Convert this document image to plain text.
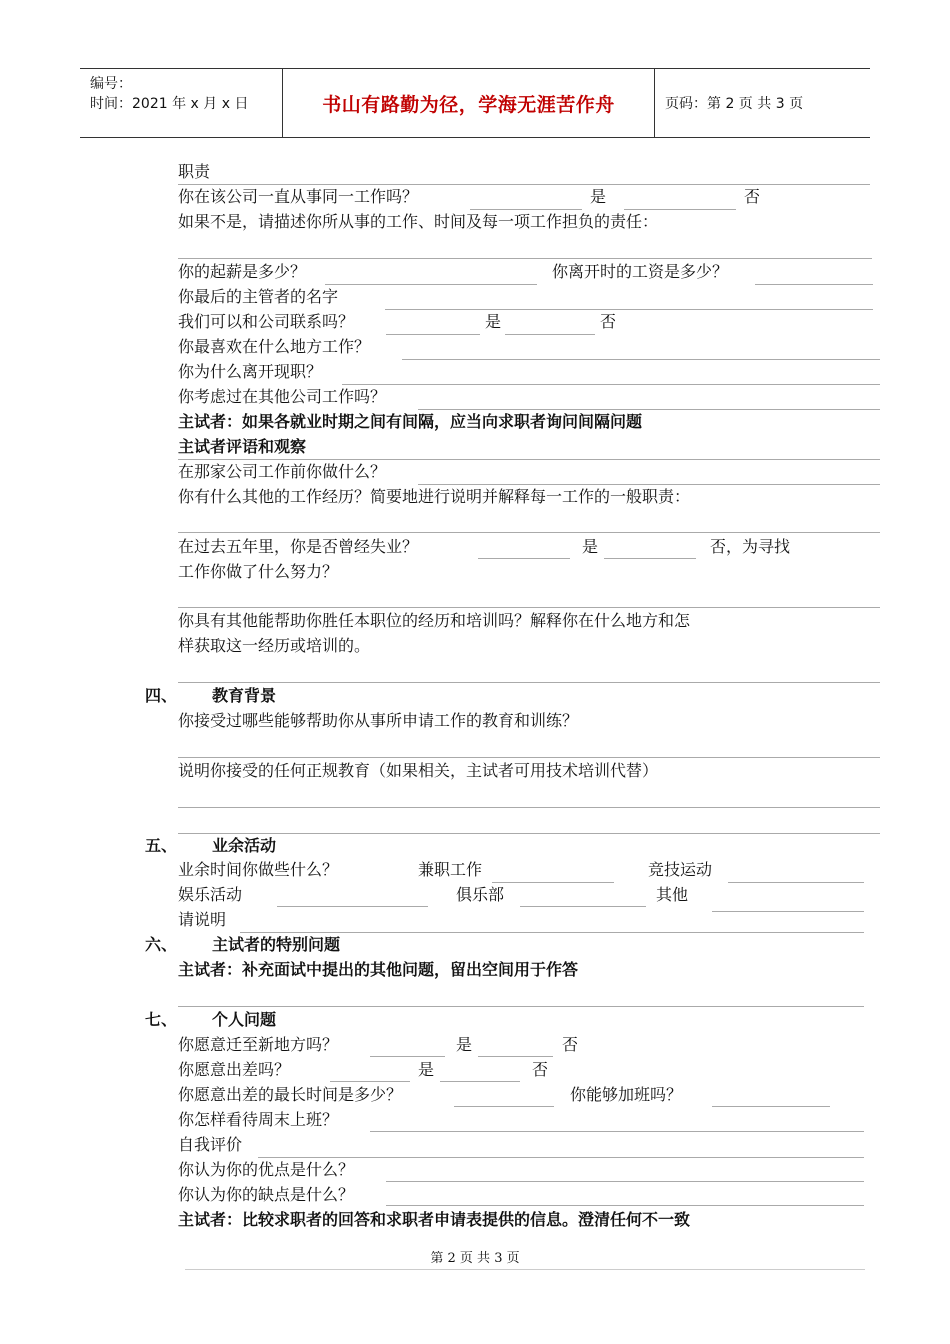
编号：
时间：2021 年 x 月 x 日	书山有路勤为径，学海无涯苦作舟	页码：第 2 页 共 3 页
职责
你在该公司一直从事同一工作吗？	是	否
如果不是，请描述你所从事的工作、时间及每一项工作担负的责任：
你的起薪是多少？	你离开时的工资是多少？
你最后的主管者的名字
我们可以和公司联系吗？	是	否
你最喜欢在什么地方工作？
你为什么离开现职？
你考虑过在其他公司工作吗？
主试者：如果各就业时期之间有间隔，应当向求职者询问间隔问题
主试者评语和观察
在那家公司工作前你做什么？
你有什么其他的工作经历？简要地进行说明并解释每一工作的一般职责：
在过去五年里，你是否曾经失业？	是	否，为寻找
工作你做了什么努力？
你具有其他能帮助你胜任本职位的经历和培训吗？解释你在什么地方和怎
样获取这一经历或培训的。
四、 教育背景
你接受过哪些能够帮助你从事所申请工作的教育和训练？
说明你接受的任何正规教育（如果相关，主试者可用技术培训代替）
五、 业余活动
业余时间你做些什么？	兼职工作	竞技运动
娱乐活动	俱乐部	其他
请说明
六、 主试者的特别问题
主试者：补充面试中提出的其他问题，留出空间用于作答
七、 个人问题
你愿意迁至新地方吗？	是	否
你愿意出差吗？	是	否
你愿意出差的最长时间是多少？	你能够加班吗？
你怎样看待周末上班？
自我评价
你认为你的优点是什么？
你认为你的缺点是什么？
主试者：比较求职者的回答和求职者申请表提供的信息。澄清任何不一致
第 2 页 共 3 页
